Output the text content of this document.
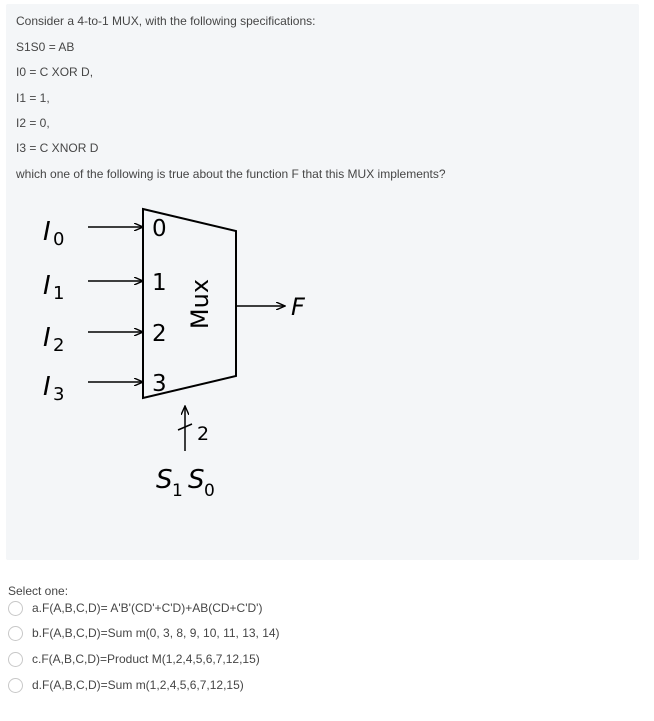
Consider a 4-to-1 MUX, with the following specifications:
S1S0 = AB
I0 = C XOR D,
I1 = 1,
I2 = 0,
I3 = C XNOR D
which one of the following is true about the function F that this MUX implements?
I 0
I 1
I 2
I 3
0
1
2
3
Mux	F
2
S 1 S 0
Select one:
a.F(A,B,C,D)= A'B'(CD'+C'D)+AB(CD+C'D')
b.F(A,B,C,D)=Sum m(0, 3, 8, 9, 10, 11, 13, 14)
c.F(A,B,C,D)=Product M(1,2,4,5,6,7,12,15)
d.F(A,B,C,D)=Sum m(1,2,4,5,6,7,12,15)
